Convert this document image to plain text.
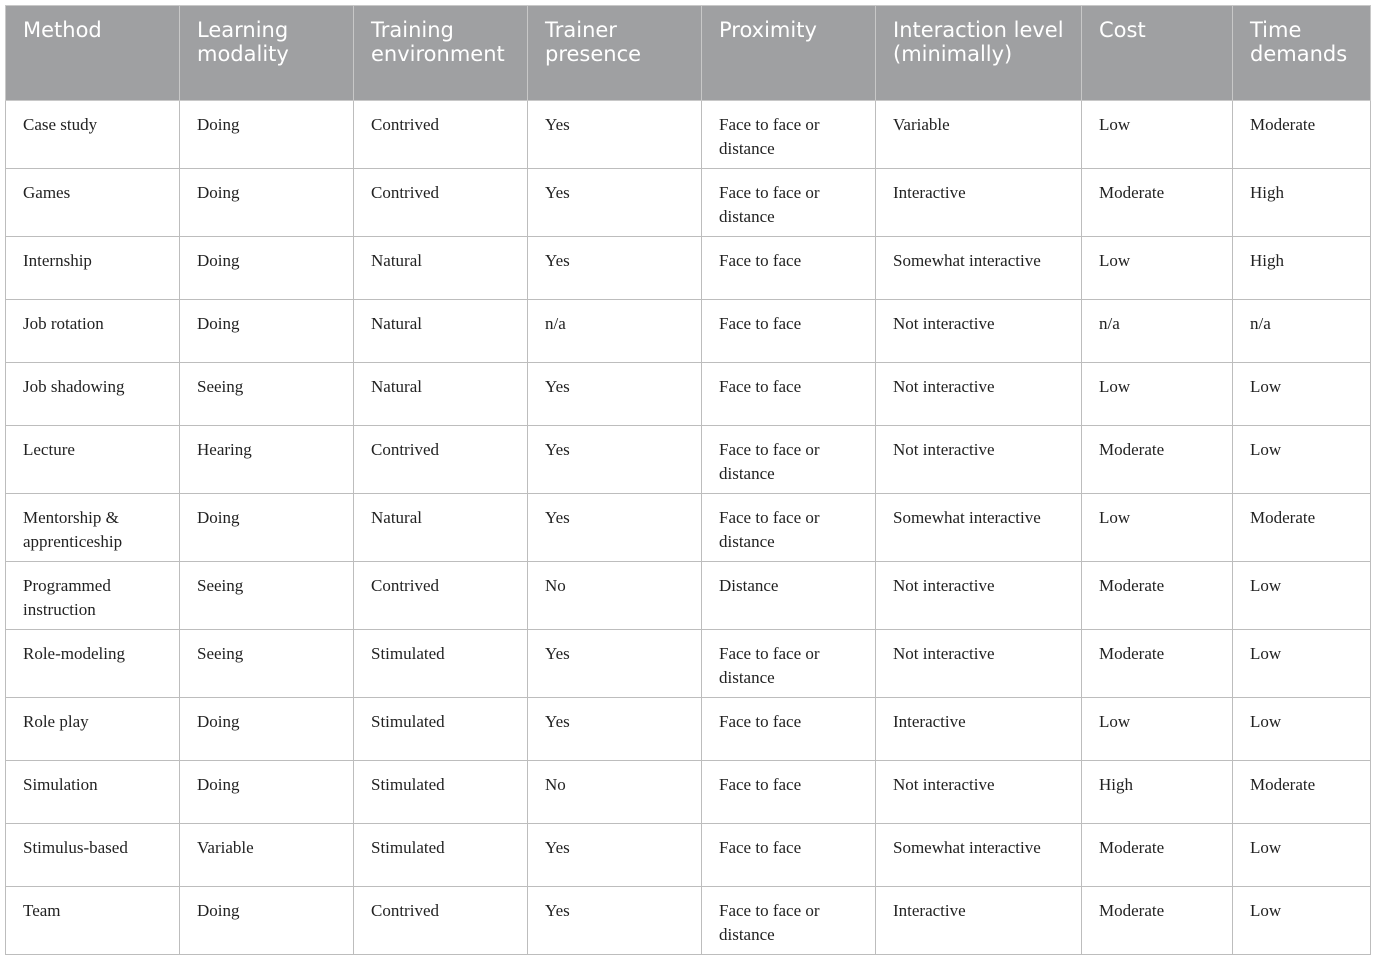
Method	Learning modality	Training environment	Trainer presence	Proximity	Interaction level (minimally)	Cost	Time demands
Case study	Doing	Contrived	Yes	Face to face or distance	Variable	Low	Moderate
Games	Doing	Contrived	Yes	Face to face or distance	Interactive	Moderate	High
Internship	Doing	Natural	Yes	Face to face	Somewhat interactive	Low	High
Job rotation	Doing	Natural	n/a	Face to face	Not interactive	n/a	n/a
Job shadowing	Seeing	Natural	Yes	Face to face	Not interactive	Low	Low
Lecture	Hearing	Contrived	Yes	Face to face or distance	Not interactive	Moderate	Low
Mentorship & apprenticeship	Doing	Natural	Yes	Face to face or distance	Somewhat interactive	Low	Moderate
Programmed instruction	Seeing	Contrived	No	Distance	Not interactive	Moderate	Low
Role-modeling	Seeing	Stimulated	Yes	Face to face or distance	Not interactive	Moderate	Low
Role play	Doing	Stimulated	Yes	Face to face	Interactive	Low	Low
Simulation	Doing	Stimulated	No	Face to face	Not interactive	High	Moderate
Stimulus-based	Variable	Stimulated	Yes	Face to face	Somewhat interactive	Moderate	Low
Team	Doing	Contrived	Yes	Face to face or distance	Interactive	Moderate	Low
